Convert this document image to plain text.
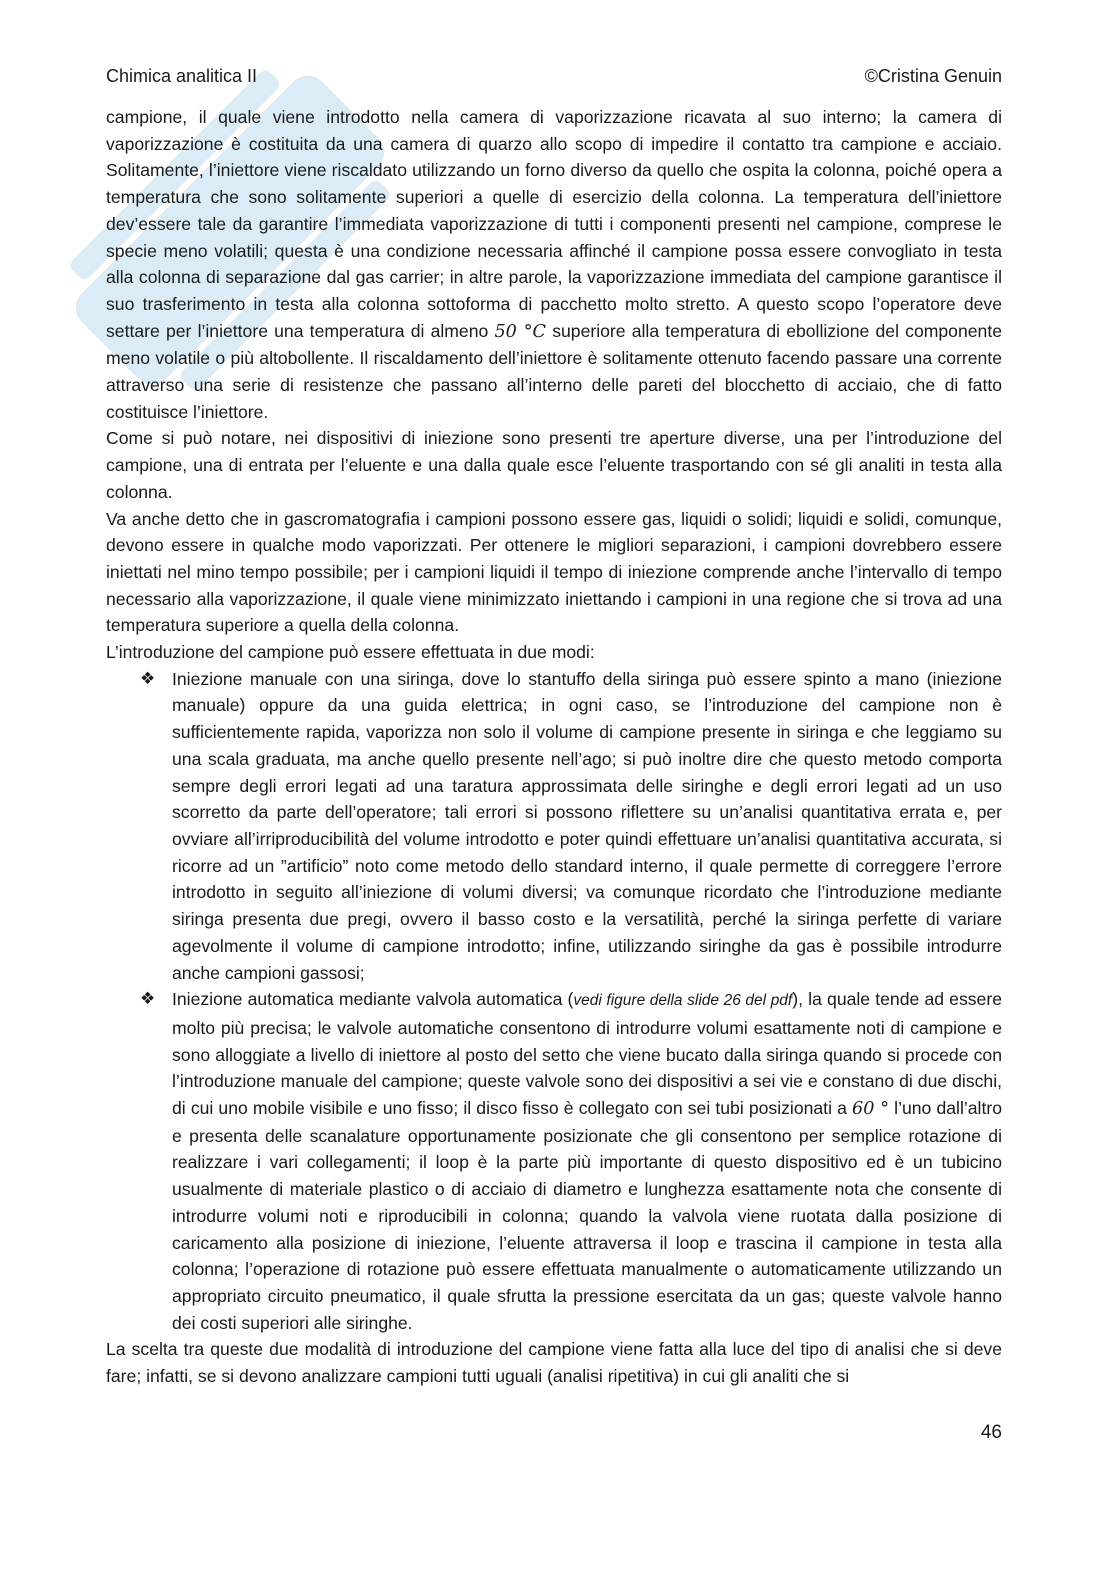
Chimica analitica II	©Cristina Genuin

campione, il quale viene introdotto nella camera di vaporizzazione ricavata al suo interno; la camera di vaporizzazione è costituita da una camera di quarzo allo scopo di impedire il contatto tra campione e acciaio. Solitamente, l’iniettore viene riscaldato utilizzando un forno diverso da quello che ospita la colonna, poiché opera a temperatura che sono solitamente superiori a quelle di esercizio della colonna. La temperatura dell’iniettore dev’essere tale da garantire l’immediata vaporizzazione di tutti i componenti presenti nel campione, comprese le specie meno volatili; questa è una condizione necessaria affinché il campione possa essere convogliato in testa alla colonna di separazione dal gas carrier; in altre parole, la vaporizzazione immediata del campione garantisce il suo trasferimento in testa alla colonna sottoforma di pacchetto molto stretto. A questo scopo l’operatore deve settare per l’iniettore una temperatura di almeno 50 °C superiore alla temperatura di ebollizione del componente meno volatile o più altobollente. Il riscaldamento dell’iniettore è solitamente ottenuto facendo passare una corrente attraverso una serie di resistenze che passano all’interno delle pareti del blocchetto di acciaio, che di fatto costituisce l’iniettore.

Come si può notare, nei dispositivi di iniezione sono presenti tre aperture diverse, una per l’introduzione del campione, una di entrata per l’eluente e una dalla quale esce l’eluente trasportando con sé gli analiti in testa alla colonna.

Va anche detto che in gascromatografia i campioni possono essere gas, liquidi o solidi; liquidi e solidi, comunque, devono essere in qualche modo vaporizzati. Per ottenere le migliori separazioni, i campioni dovrebbero essere iniettati nel mino tempo possibile; per i campioni liquidi il tempo di iniezione comprende anche l’intervallo di tempo necessario alla vaporizzazione, il quale viene minimizzato iniettando i campioni in una regione che si trova ad una temperatura superiore a quella della colonna.

L’introduzione del campione può essere effettuata in due modi:

❖ Iniezione manuale con una siringa, dove lo stantuffo della siringa può essere spinto a mano (iniezione manuale) oppure da una guida elettrica; in ogni caso, se l’introduzione del campione non è sufficientemente rapida, vaporizza non solo il volume di campione presente in siringa e che leggiamo su una scala graduata, ma anche quello presente nell’ago; si può inoltre dire che questo metodo comporta sempre degli errori legati ad una taratura approssimata delle siringhe e degli errori legati ad un uso scorretto da parte dell’operatore; tali errori si possono riflettere su un’analisi quantitativa errata e, per ovviare all’irriproducibilità del volume introdotto e poter quindi effettuare un’analisi quantitativa accurata, si ricorre ad un ”artificio” noto come metodo dello standard interno, il quale permette di correggere l’errore introdotto in seguito all’iniezione di volumi diversi; va comunque ricordato che l’introduzione mediante siringa presenta due pregi, ovvero il basso costo e la versatilità, perché la siringa perfette di variare agevolmente il volume di campione introdotto; infine, utilizzando siringhe da gas è possibile introdurre anche campioni gassosi;
❖ Iniezione automatica mediante valvola automatica (vedi figure della slide 26 del pdf), la quale tende ad essere molto più precisa; le valvole automatiche consentono di introdurre volumi esattamente noti di campione e sono alloggiate a livello di iniettore al posto del setto che viene bucato dalla siringa quando si procede con l’introduzione manuale del campione; queste valvole sono dei dispositivi a sei vie e constano di due dischi, di cui uno mobile visibile e uno fisso; il disco fisso è collegato con sei tubi posizionati a 60 ° l’uno dall’altro e presenta delle scanalature opportunamente posizionate che gli consentono per semplice rotazione di realizzare i vari collegamenti; il loop è la parte più importante di questo dispositivo ed è un tubicino usualmente di materiale plastico o di acciaio di diametro e lunghezza esattamente nota che consente di introdurre volumi noti e riproducibili in colonna; quando la valvola viene ruotata dalla posizione di caricamento alla posizione di iniezione, l’eluente attraversa il loop e trascina il campione in testa alla colonna; l’operazione di rotazione può essere effettuata manualmente o automaticamente utilizzando un appropriato circuito pneumatico, il quale sfrutta la pressione esercitata da un gas; queste valvole hanno dei costi superiori alle siringhe.

La scelta tra queste due modalità di introduzione del campione viene fatta alla luce del tipo di analisi che si deve fare; infatti, se si devono analizzare campioni tutti uguali (analisi ripetitiva) in cui gli analiti che si

46
